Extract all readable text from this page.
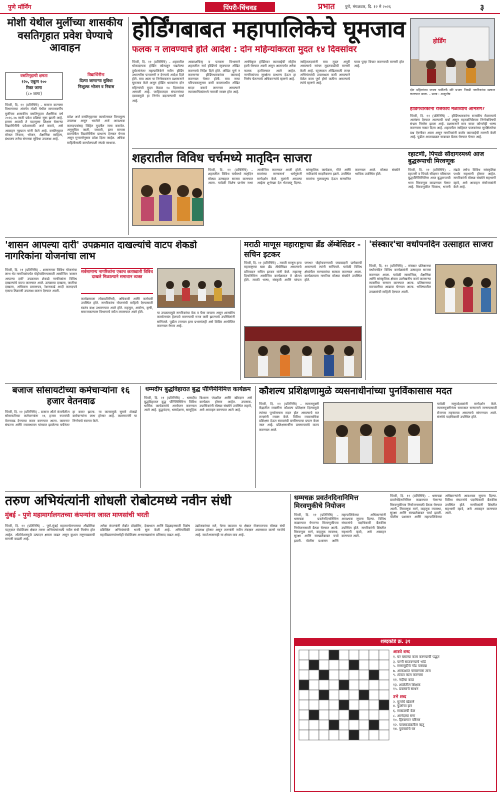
पुणे मॉर्निंग	पिंपरी-चिंचवड	प्रभात	पुणे, मंगळवार, दि. १२ मे २०२६	३
मोशी येथील मुलींच्या शासकीय वसतिगृहात प्रवेश घेण्याचे आवाहन
वसतिगृहाची क्षमता
१२०, एकूण १००
रिक्त जागा
(८० जागा)
विद्यार्थिनींना
दिल्या जाणाऱ्या सुविधा
निःशुल्क भोजन व निवास
पिंपरी, दि. ११ (प्रतिनिधि) – समाज कल्याण विभागाच्या अंतर्गत मोशी येथील मागासवर्गीय मुलींच्या शासकीय वसतिगृहात शैक्षणिक वर्ष २०२६-२७ साठी प्रवेश प्रक्रिया सुरू झाली आहे. इयत्ता आठवी ते पदव्युत्तर शिक्षण घेणाऱ्या विद्यार्थिनींनी प्रवेशासाठी अर्ज करावे, असे आवाहन गृहपाल यांनी केले आहे. वसतिगृहात मोफत निवास, भोजन, शैक्षणिक साहित्य, ग्रंथालय तसेच संगणक सुविधा उपलब्ध आहे.
प्रवेश अर्ज वसतिगृहाच्या कार्यालयात विनामूल्य उपलब्ध असून भरलेले अर्ज आवश्यक कागदपत्रांसह विहित मुदतीत जमा करावेत. अनुसूचित जाती, जमाती, इतर मागास प्रवर्गातील विद्यार्थिनींना प्राधान्य देण्यात येणार असून गुणवत्तेनुसार प्रवेश दिला जाईल. अधिक माहितीसाठी कार्यालयाशी संपर्क साधावा.
होर्डिंगबाबत महापालिकेचे घूमजाव
फलक न लावण्याचे होते आदेश : दोन महिन्यांकरता मुदत १४ दिवसांवर
पिंपरी, दि. ११ (प्रतिनिधि) – शहरातील धोकादायक होर्डिंग कोसळून घडलेल्या दुर्घटनांनंतर महापालिकेने नवीन होर्डिंग उभारणीस परवानगी न देण्याचे आदेश दिले होते. मात्र आता या निर्णयावरून प्रशासनाने घूमजाव केले असून होर्डिंग धारकांना दोन महिन्यांची मुदत केवळ १४ दिवसांवर आणली आहे. जाहिरातदार संघटनांच्या दबावामुळे हा निर्णय बदलल्याची चर्चा आहे.
आकाशचिन्ह व परवाना विभागाने शहरातील सर्व होर्डिंगचे स्ट्रक्चरल ऑडिट करण्याचे निर्देश दिले होते. ऑडिट पूर्ण न करणाऱ्या होर्डिंगधारकांवर कारवाई करण्यात येणार होती. मात्र नव्या परिपत्रकानुसार कमी कालावधीत ऑडिट सादर करावे लागणार असल्याने व्यावसायिकांमध्ये नाराजी व्यक्त होत आहे.
अनधिकृत होर्डिंगवर कारवाईची मोहीम हाती घेण्यात आली असून आतापर्यंत अनेक फलक हटविण्यात आले आहेत. नागरिकांच्या सुरक्षेला प्राधान्य देऊन हा निर्णय घेतल्याचे अधिकाऱ्यांचे म्हणणे आहे.
जाहिरातदारांनी मात्र मुदत अपुरी असल्याचे सांगत मुदतवाढीची मागणी केली आहे. स्ट्रक्चरल ऑडिटसाठी तज्ज्ञ अभियंत्यांची उपलब्धता कमी असल्याने वेळेत काम पूर्ण होणे कठीण असल्याचे त्यांचे म्हणणे आहे.
यावर पुन्हा विचार करण्याची मागणी होत आहे.
होर्डिंग
दोन महिलांच्या जनता पार्टीतर्फे मोरे प्रभाग निवडी नागरिकांचा सत्कार करण्यात आला. – छाया : आशुतोष
होर्डिंगधारकांना राजकीय मेळाव्याचे आमंत्रण?
पिंपरी, दि. ११ (प्रतिनिधि) – होर्डिंगधारकांना राजकीय मेळाव्याचे आमंत्रण देण्यात आल्याची चर्चा असून महापालिकेच्या निर्णयाविषयी संभ्रम निर्माण झाला आहे. प्रशासनाने मात्र यावर कोणतेही भाष्य करण्यास नकार दिला आहे. शहरातील जाहिरात फलकांच्या सुरक्षिततेचा प्रश्न ऐरणीवर आला असून नागरिकांनी कठोर कारवाईची मागणी केली आहे. पुढील आठवड्यात याबाबत बैठक घेण्यात येणार आहे.
शहरातील विविध चर्चमध्ये मातृदिन साजरा
पिंपरी, दि. ११ (प्रतिनिधि) – शहरातील विविध चर्चमध्ये मातृदिन मोठ्या उत्साहात साजरा करण्यात आला. यावेळी विशेष प्रार्थना सभा आयोजित करण्यात आली होती. मातांच्या सन्मानार्थ धर्मगुरूंनी मार्गदर्शन केले. मुलांनी आपल्या आईला शुभेच्छा देत भेटवस्तू दिल्या. सांस्कृतिक कार्यक्रम, गीते आणि नाटिकांचे सादरीकरण झाले. उपस्थित मातांना गुलाबपुष्प देऊन सन्मानित करण्यात आले. मोठ्या संख्येने भाविक उपस्थित होते.
रहाटणी, पिंपळे सौदागरमध्ये आज बुद्धरूपाची मिरवणूक
पिंपरी, दि. ११ (प्रतिनिधि) – रहाटणी व पिंपळे सौदागर परिसरात बुद्धपौर्णिमेनिमित्त आज बुद्धरूपाची भव्य मिरवणूक काढण्यात येणार आहे. मिरवणुकीत चित्ररथ, भजनी मंडळे तसेच विविध सांस्कृतिक पथके सहभागी होणार आहेत. नागरिकांनी मोठ्या संख्येने सहभागी व्हावे, असे आवाहन संयोजकांनी केले आहे.
'शासन आपल्या दारी' उपक्रमात दाखल्यांचे वाटप शेकडो नागरिकांना योजनांचा लाभ
पिंपरी, दि. ११ (प्रतिनिधि) – शासनाच्या विविध योजनांचा लाभ थेट नागरिकांपर्यंत पोहोचविण्यासाठी आयोजित 'शासन आपल्या दारी' उपक्रमात शेकडो नागरिकांना विविध दाखल्यांचे वाटप करण्यात आले. उत्पन्नाचा दाखला, जातीचा दाखला, अधिवास प्रमाणपत्र, रेशनकार्ड आदी कागदपत्रे एकाच ठिकाणी उपलब्ध करून देण्यात आली.
सर्वसामान्य नागरिकांना एकाच छताखाली विविध दाखले मिळाल्याने समाधान व्यक्त
कार्यक्रमाला लोकप्रतिनिधी, अधिकारी आणि कर्मचारी उपस्थित होते. नागरिकांना योजनांची माहिती देण्यासाठी स्वतंत्र कक्ष उभारण्यात आले होते. महसूल, आरोग्य, कृषी, समाजकल्याण विभागाचे स्टॉल लावण्यात आले होते.	या उपक्रमामुळे नागरिकांचा वेळ व पैसा वाचला असून शासकीय कार्यालयांत हेलपाटे मारण्याची गरज कमी झाल्याचे उपस्थितांनी सांगितले. पुढील टप्प्यात इतर प्रभागांतही असे शिबिर आयोजित करण्यात येणार आहे.
मराठी माणूस महाराष्ट्राचा ब्रँड ॲम्बेसिडर - सचिन इटकर
पिंपरी, दि. ११ (प्रतिनिधि) – मराठी माणूस हाच महाराष्ट्राचा खरा ब्रँड ॲम्बेसिडर असल्याचे प्रतिपादन सचिन इटकर यांनी केले. महाराष्ट्र दिनानिमित्त आयोजित कार्यक्रमात ते बोलत होते. मराठी भाषा, संस्कृती आणि परंपरा जगभर पोहोचवण्याची जबाबदारी प्रत्येकाची असल्याचे त्यांनी सांगितले. यावेळी विविध क्षेत्रांतील मान्यवरांचा सत्कार करण्यात आला. कार्यक्रमाला नागरिक मोठ्या संख्येने उपस्थित होते.
'संस्कार'चा वर्धापनदिन उत्साहात साजरा
पिंपरी, दि. ११ (प्रतिनिधि) – संस्कार प्रतिष्ठानचा वर्धापनदिन विविध कार्यक्रमांनी उत्साहात साजरा करण्यात आला. यावेळी सामाजिक, शैक्षणिक आणि सांस्कृतिक क्षेत्रात उल्लेखनीय कार्य करणाऱ्या व्यक्तींचा सन्मान करण्यात आला. प्रतिष्ठानच्या वाटचालीचा आढावा घेण्यात आला. भविष्यातील उपक्रमांची माहिती देण्यात आली.
बजाज सोसायटीच्या कर्मचाऱ्यांना १६ हजार वेतनवाढ
पिंपरी, दि. ११ (प्रतिनिधि) – बजाज ऑटो कंपनीतील सोसायटीच्या कर्मचाऱ्यांना १६ हजार रुपयांची वेतनवाढ देण्याचा करार करण्यात आला. कामगार संघटना आणि व्यवस्थापन यांच्यात झालेल्या चर्चेनंतर हा करार झाला. या करारामुळे सुमारे शेकडो कर्मचाऱ्यांना लाभ होणार आहे. कामगारांनी या निर्णयाचे स्वागत केले.
धम्मदीप बुद्धविहारात बुद्ध पौर्णिमेनिमित्त कार्यक्रम
पिंपरी, दि. ११ (प्रतिनिधि) – धम्मदीप बुद्धविहारात बुद्ध पौर्णिमेनिमित्त विविध धार्मिक कार्यक्रमांचे आयोजन करण्यात आले आहे. बुद्धवंदना, धम्मदेशना, सामूहिक त्रिशरण पंचशील आणि खीरदान असे कार्यक्रम होणार आहेत. उपासक-उपासिकांनी मोठ्या संख्येने उपस्थित राहावे, असे आवाहन करण्यात आले आहे.
कौशल्य प्रशिक्षणामुळे व्यसनाधीनांच्या पुनर्विकासास मदत
पिंपरी, दि. ११ (प्रतिनिधि) – व्यसनमुक्ती केंद्रातील व्यक्तींना कौशल्य प्रशिक्षण दिल्यामुळे त्यांच्या पुनर्वसनास मदत होत असल्याचे मत तज्ज्ञांनी व्यक्त केले. विविध व्यावसायिक प्रशिक्षण देऊन स्वावलंबी बनविण्याचा प्रयत्न केला जात आहे. प्रशिक्षणार्थींना प्रमाणपत्रांचे वाटप करण्यात आले.
यावेळी समुपदेशकांनी मार्गदर्शन केले. व्यसनमुक्तीनंतर समाजात सन्मानाने जगण्यासाठी रोजगार महत्त्वाचा असल्याचे सांगण्यात आले. संस्थेचे पदाधिकारी उपस्थित होते.
तरुण अभियंत्यांनी शोधली रोबोटमध्ये नवीन संधी
मुंबई - पुणे महामार्गालगतच्या कंपन्यांना जास्त माणसांची भरती
पिंपरी, दि. ११ (प्रतिनिधि) – पुणे-मुंबई महामार्गालगतच्या औद्योगिक पट्ट्यात रोबोटिक्स क्षेत्रात तरुण अभियंत्यांसाठी नवीन संधी निर्माण होत आहेत. ऑटोमेशनमुळे उत्पादन क्षमता वाढत असून कुशल मनुष्यबळाची मागणी वाढली आहे.
अनेक कंपन्यांनी रोबोट प्रोग्रामिंग, देखभाल आणि डिझाइनसाठी विशेष प्रशिक्षित अभियंत्यांची भरती सुरू केली आहे. अभियांत्रिकी महाविद्यालयांमध्येही रोबोटिक्स अभ्यासक्रमांना प्रतिसाद वाढत आहे.
उद्योजकांच्या मते, येत्या काळात या क्षेत्रात रोजगाराच्या मोठ्या संधी उपलब्ध होणार असून तरुणांनी नवीन तंत्रज्ञान आत्मसात करणे गरजेचे आहे. स्टार्टअप्सनाही या क्षेत्रात वाव आहे.
धम्मचक्र प्रवर्तनदिनानिमित्त मिरवणुकीचे नियोजन
पिंपरी, दि. ११ (प्रतिनिधि) – धम्मचक्र प्रवर्तनदिनानिमित्त काढण्यात येणाऱ्या मिरवणुकीच्या नियोजनासाठी बैठक घेण्यात आली. मिरवणूक मार्ग, वाहतूक व्यवस्था, सुरक्षा आणि स्वच्छतेबाबत चर्चा झाली. पोलीस प्रशासन आणि महापालिकेच्या अधिकाऱ्यांनी आवश्यक सूचना दिल्या. विविध संघटनांचे पदाधिकारी बैठकीस उपस्थित होते. नागरिकांनी शिस्तीत सहभागी व्हावे, असे आवाहन करण्यात आले.
शब्दकोडे क्र. ३१
आडवे शब्द
१. घर बसल्या काम करण्याची पद्धत
३. पाणी साठवण्याचे भांडे
५. सणासुदीचे गोड पक्वान्न
७. आकाशात चमकणारा तारा
९. शेतात काम करणारा
११. नदीचा काठ
१३. शाळेतील शिक्षक
१५. प्रवासाचे साधन
उभे शब्द
२. मुलांचे खेळणे
४. फुलांचा हार
६. सकाळची वेळ
८. आनंदाचा सण
१०. हिरवागार परिसर
१२. पावसाळ्यातील ऋतू
१४. पुस्तकांचे घर
पिंपरी, दि. ११ (प्रतिनिधि) – धम्मचक्र प्रवर्तनदिनानिमित्त काढण्यात येणाऱ्या मिरवणुकीच्या नियोजनासाठी बैठक घेण्यात आली. मिरवणूक मार्ग, वाहतूक व्यवस्था, सुरक्षा आणि स्वच्छतेबाबत चर्चा झाली. पोलीस प्रशासन आणि महापालिकेच्या अधिकाऱ्यांनी आवश्यक सूचना दिल्या. विविध संघटनांचे पदाधिकारी बैठकीस उपस्थित होते. नागरिकांनी शिस्तीत सहभागी व्हावे, असे आवाहन करण्यात आले.
